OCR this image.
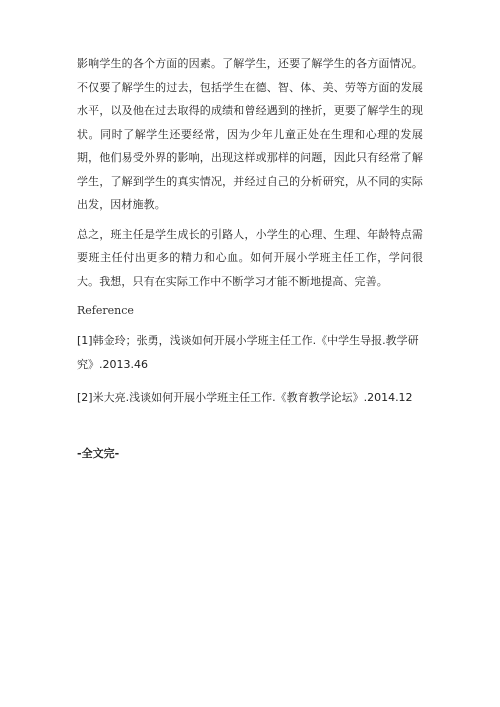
影响学生的各个方面的因素。了解学生，还要了解学生的各方面情况。不仅要了解学生的过去，包括学生在德、智、体、美、劳等方面的发展水平，以及他在过去取得的成绩和曾经遇到的挫折，更要了解学生的现状。同时了解学生还要经常，因为少年儿童正处在生理和心理的发展期，他们易受外界的影响，出现这样或那样的问题，因此只有经常了解学生，了解到学生的真实情况，并经过自己的分析研究，从不同的实际出发，因材施教。

总之，班主任是学生成长的引路人，小学生的心理、生理、年龄特点需要班主任付出更多的精力和心血。如何开展小学班主任工作，学问很大。我想，只有在实际工作中不断学习才能不断地提高、完善。

Reference
[1]韩金玲；张勇，浅谈如何开展小学班主任工作.《中学生导报.教学研究》.2013.46
[2]米大亮.浅谈如何开展小学班主任工作.《教育教学论坛》.2014.12
-全文完-
